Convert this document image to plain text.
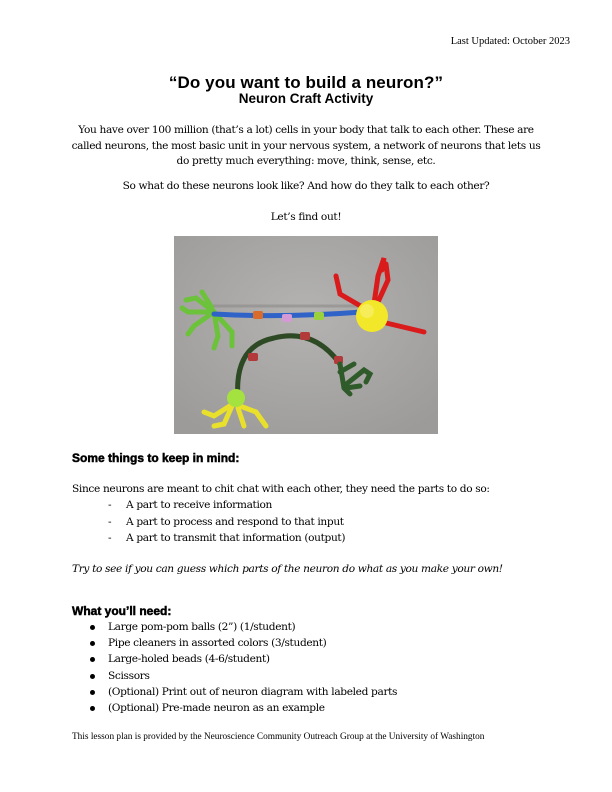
Last Updated: October 2023
“Do you want to build a neuron?”
Neuron Craft Activity
You have over 100 million (that’s a lot) cells in your body that talk to each other. These are called neurons, the most basic unit in your nervous system, a network of neurons that lets us do pretty much everything: move, think, sense, etc.
So what do these neurons look like? And how do they talk to each other?
Let’s find out!
Some things to keep in mind:
Since neurons are meant to chit chat with each other, they need the parts to do so:
- A part to receive information
- A part to process and respond to that input
- A part to transmit that information (output)
Try to see if you can guess which parts of the neuron do what as you make your own!
What you’ll need:
Large pom-pom balls (2”) (1/student)
Pipe cleaners in assorted colors (3/student)
Large-holed beads (4-6/student)
Scissors
(Optional) Print out of neuron diagram with labeled parts
(Optional) Pre-made neuron as an example
This lesson plan is provided by the Neuroscience Community Outreach Group at the University of Washington
